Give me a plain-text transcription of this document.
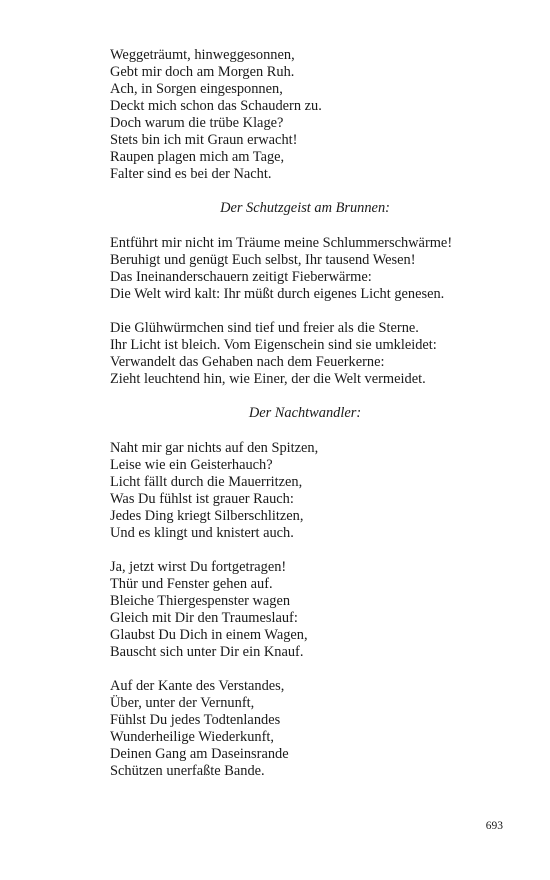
Weggeträumt, hinweggesonnen,
Gebt mir doch am Morgen Ruh.
Ach, in Sorgen eingesponnen,
Deckt mich schon das Schaudern zu.
Doch warum die trübe Klage?
Stets bin ich mit Graun erwacht!
Raupen plagen mich am Tage,
Falter sind es bei der Nacht.
Der Schutzgeist am Brunnen:
Entführt mir nicht im Träume meine Schlummerschwärme!
Beruhigt und genügt Euch selbst, Ihr tausend Wesen!
Das Ineinanderschauern zeitigt Fieberwärme:
Die Welt wird kalt: Ihr müßt durch eigenes Licht genesen.
Die Glühwürmchen sind tief und freier als die Sterne.
Ihr Licht ist bleich. Vom Eigenschein sind sie umkleidet:
Verwandelt das Gehaben nach dem Feuerkerne:
Zieht leuchtend hin, wie Einer, der die Welt vermeidet.
Der Nachtwandler:
Naht mir gar nichts auf den Spitzen,
Leise wie ein Geisterhauch?
Licht fällt durch die Mauerritzen,
Was Du fühlst ist grauer Rauch:
Jedes Ding kriegt Silberschlitzen,
Und es klingt und knistert auch.
Ja, jetzt wirst Du fortgetragen!
Thür und Fenster gehen auf.
Bleiche Thiergespenster wagen
Gleich mit Dir den Traumeslauf:
Glaubst Du Dich in einem Wagen,
Bauscht sich unter Dir ein Knauf.
Auf der Kante des Verstandes,
Über, unter der Vernunft,
Fühlst Du jedes Todtenlandes
Wunderheilige Wiederkunft,
Deinen Gang am Daseinsrande
Schützen unerfaßte Bande.
693
